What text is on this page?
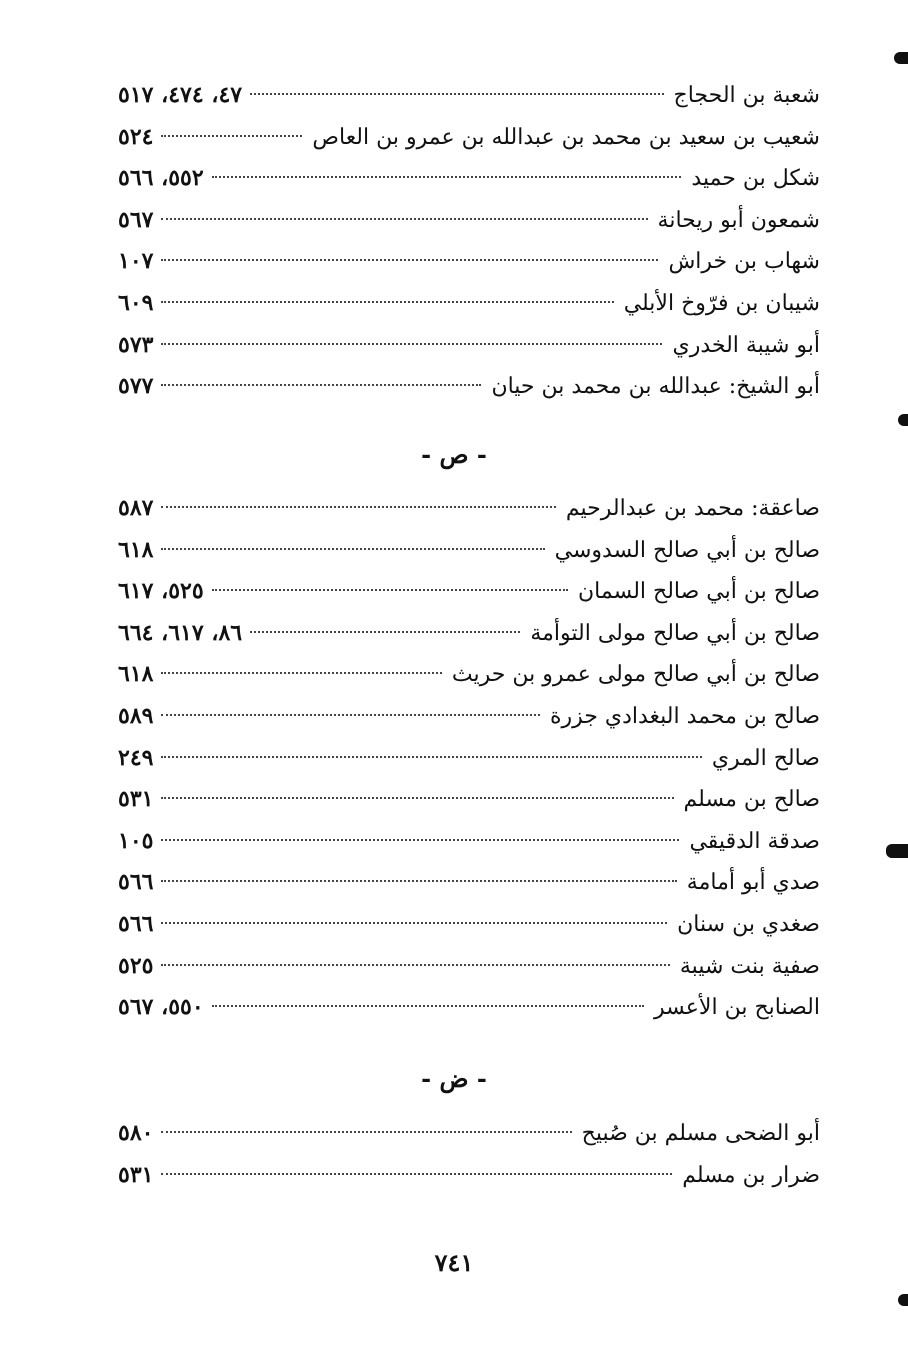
شعبة بن الحجاج
٤٧، ٤٧٤، ٥١٧
شعيب بن سعيد بن محمد بن عبدالله بن عمرو بن العاص
٥٢٤
شكل بن حميد
٥٥٢، ٥٦٦
شمعون أبو ريحانة
٥٦٧
شهاب بن خراش
١٠٧
شيبان بن فرّوخ الأبلي
٦٠٩
أبو شيبة الخدري
٥٧٣
أبو الشيخ: عبدالله بن محمد بن حيان
٥٧٧
- ص -
صاعقة: محمد بن عبدالرحيم
٥٨٧
صالح بن أبي صالح السدوسي
٦١٨
صالح بن أبي صالح السمان
٥٢٥، ٦١٧
صالح بن أبي صالح مولى التوأمة
٨٦، ٦١٧، ٦٦٤
صالح بن أبي صالح مولى عمرو بن حريث
٦١٨
صالح بن محمد البغدادي جزرة
٥٨٩
صالح المري
٢٤٩
صالح بن مسلم
٥٣١
صدقة الدقيقي
١٠٥
صدي أبو أمامة
٥٦٦
صغدي بن سنان
٥٦٦
صفية بنت شيبة
٥٢٥
الصنابح بن الأعسر
٥٥٠، ٥٦٧
- ض -
أبو الضحى مسلم بن صُبيح
٥٨٠
ضرار بن مسلم
٥٣١
٧٤١
